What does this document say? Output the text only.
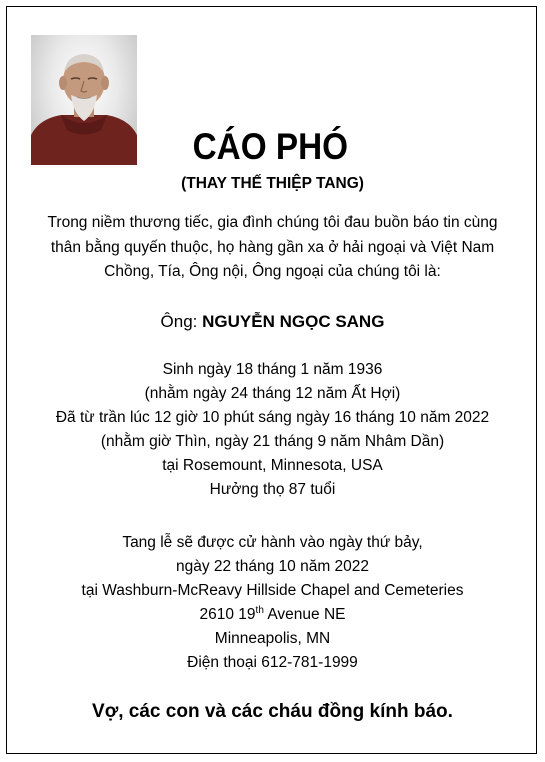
CÁO PHÓ
(THAY THẾ THIỆP TANG)
Trong niềm thương tiếc, gia đình chúng tôi đau buồn báo tin cùng
thân bằng quyến thuộc, họ hàng gần xa ở hải ngoại và Việt Nam
Chồng, Tía, Ông nội, Ông ngoại của chúng tôi là:
Ông: NGUYỄN NGỌC SANG
Sinh ngày 18 tháng 1 năm 1936
(nhằm ngày 24 tháng 12 năm Ất Hợi)
Đã từ trần lúc 12 giờ 10 phút sáng ngày 16 tháng 10 năm 2022
(nhằm giờ Thìn, ngày 21 tháng 9 năm Nhâm Dần)
tại Rosemount, Minnesota, USA
Hưởng thọ 87 tuổi
Tang lễ sẽ được cử hành vào ngày thứ bảy,
ngày 22 tháng 10 năm 2022
tại Washburn-McReavy Hillside Chapel and Cemeteries
2610 19th Avenue NE
Minneapolis, MN
Điện thoại 612-781-1999
Vợ, các con và các cháu đồng kính báo.
